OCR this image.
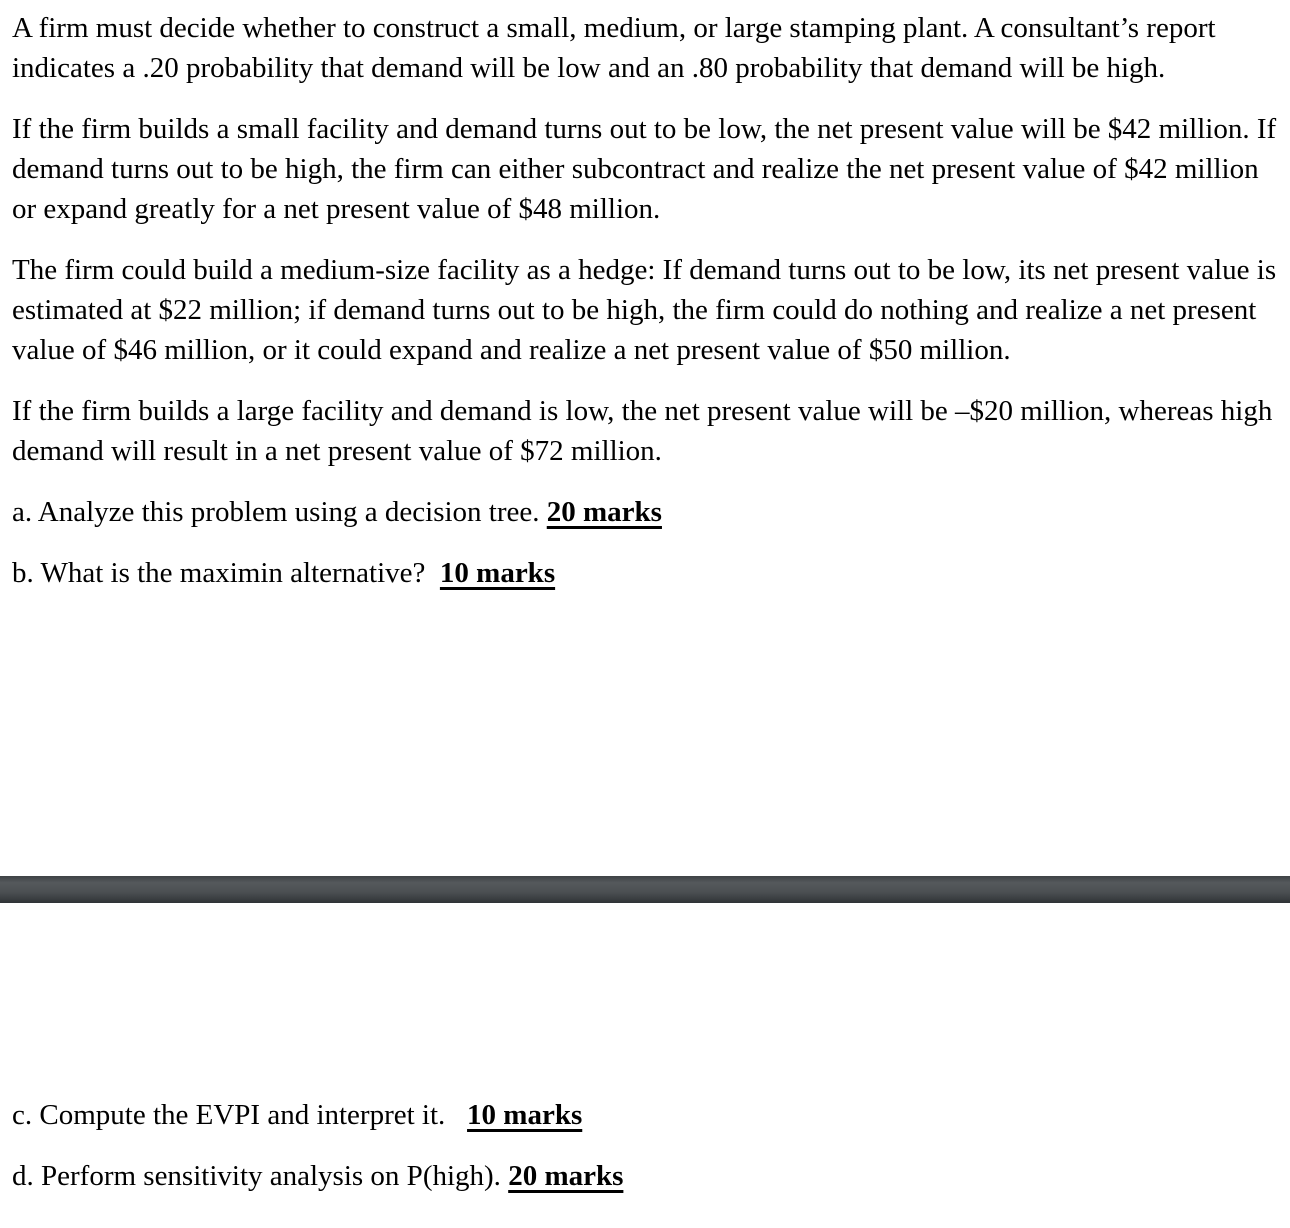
A firm must decide whether to construct a small, medium, or large stamping plant. A consultant’s report indicates a .20 probability that demand will be low and an .80 probability that demand will be high.

If the firm builds a small facility and demand turns out to be low, the net present value will be $42 million. If demand turns out to be high, the firm can either subcontract and realize the net present value of $42 million or expand greatly for a net present value of $48 million.

The firm could build a medium-size facility as a hedge: If demand turns out to be low, its net present value is estimated at $22 million; if demand turns out to be high, the firm could do nothing and realize a net present value of $46 million, or it could expand and realize a net present value of $50 million.

If the firm builds a large facility and demand is low, the net present value will be –$20 million, whereas high demand will result in a net present value of $72 million.

a. Analyze this problem using a decision tree. 20 marks

b. What is the maximin alternative? 10 marks

c. Compute the EVPI and interpret it. 10 marks

d. Perform sensitivity analysis on P(high). 20 marks
